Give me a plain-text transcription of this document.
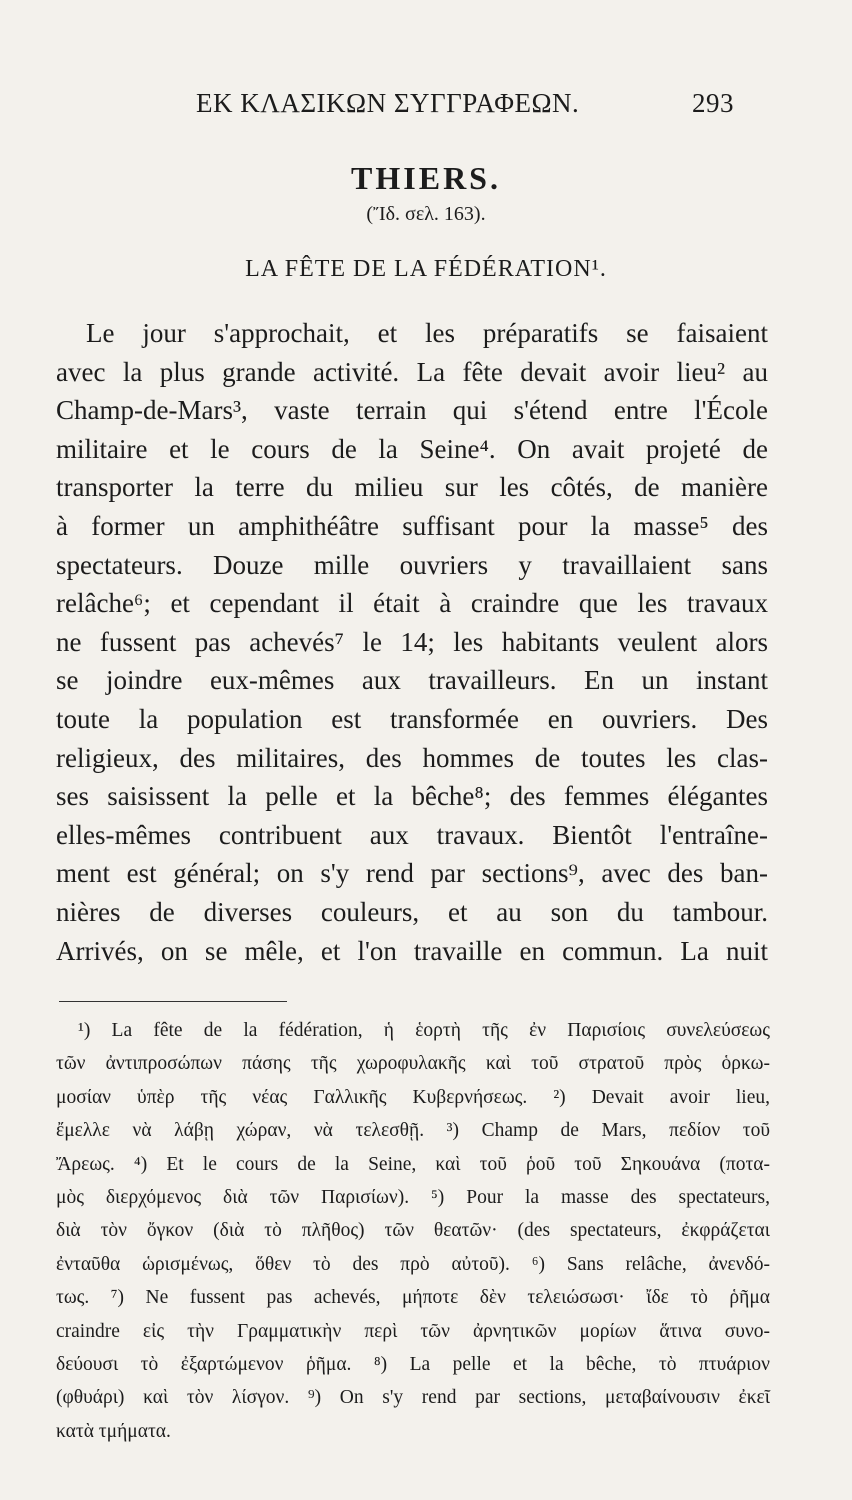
ΕΚ ΚΛΑΣΙΚΩΝ ΣΥΓΓΡΑΦΕΩΝ.	293
THIERS.
(Ἴδ. σελ. 163).
LA FÊTE DE LA FÉDÉRATION¹.
Le jour s'approchait, et les préparatifs se faisaient
avec la plus grande activité. La fête devait avoir lieu² au
Champ-de-Mars³, vaste terrain qui s'étend entre l'École
militaire et le cours de la Seine⁴. On avait projeté de
transporter la terre du milieu sur les côtés, de manière
à former un amphithéâtre suffisant pour la masse⁵ des
spectateurs. Douze mille ouvriers y travaillaient sans
relâche⁶; et cependant il était à craindre que les travaux
ne fussent pas achevés⁷ le 14; les habitants veulent alors
se joindre eux-mêmes aux travailleurs. En un instant
toute la population est transformée en ouvriers. Des
religieux, des militaires, des hommes de toutes les clas-
ses saisissent la pelle et la bêche⁸; des femmes élégantes
elles-mêmes contribuent aux travaux. Bientôt l'entraîne-
ment est général; on s'y rend par sections⁹, avec des ban-
nières de diverses couleurs, et au son du tambour.
Arrivés, on se mêle, et l'on travaille en commun. La nuit
¹) La fête de la fédération, ἡ ἑορτὴ τῆς ἐν Παρισίοις συνελεύσεως
τῶν ἀντιπροσώπων πάσης τῆς χωροφυλακῆς καὶ τοῦ στρατοῦ πρὸς ὁρκω-
μοσίαν ὑπὲρ τῆς νέας Γαλλικῆς Κυβερνήσεως. ²) Devait avoir lieu,
ἔμελλε νὰ λάβῃ χώραν, νὰ τελεσθῇ. ³) Champ de Mars, πεδίον τοῦ
Ἄρεως. ⁴) Et le cours de la Seine, καὶ τοῦ ῥοῦ τοῦ Σηκουάνα (ποτα-
μὸς διερχόμενος διὰ τῶν Παρισίων). ⁵) Pour la masse des spectateurs,
διὰ τὸν ὄγκον (διὰ τὸ πλῆθος) τῶν θεατῶν· (des spectateurs, ἐκφράζεται
ἐνταῦθα ὡρισμένως, ὅθεν τὸ des πρὸ αὐτοῦ). ⁶) Sans relâche, ἀνενδό-
τως. ⁷) Ne fussent pas achevés, μήποτε δὲν τελειώσωσι· ἴδε τὸ ῥῆμα
craindre εἰς τὴν Γραμματικὴν περὶ τῶν ἀρνητικῶν μορίων ἅτινα συνο-
δεύουσι τὸ ἐξαρτώμενον ῥῆμα. ⁸) La pelle et la bêche, τὸ πτυάριον
(φθυάρι) καὶ τὸν λίσγον. ⁹) On s'y rend par sections, μεταβαίνουσιν ἐκεῖ
κατὰ τμήματα.
